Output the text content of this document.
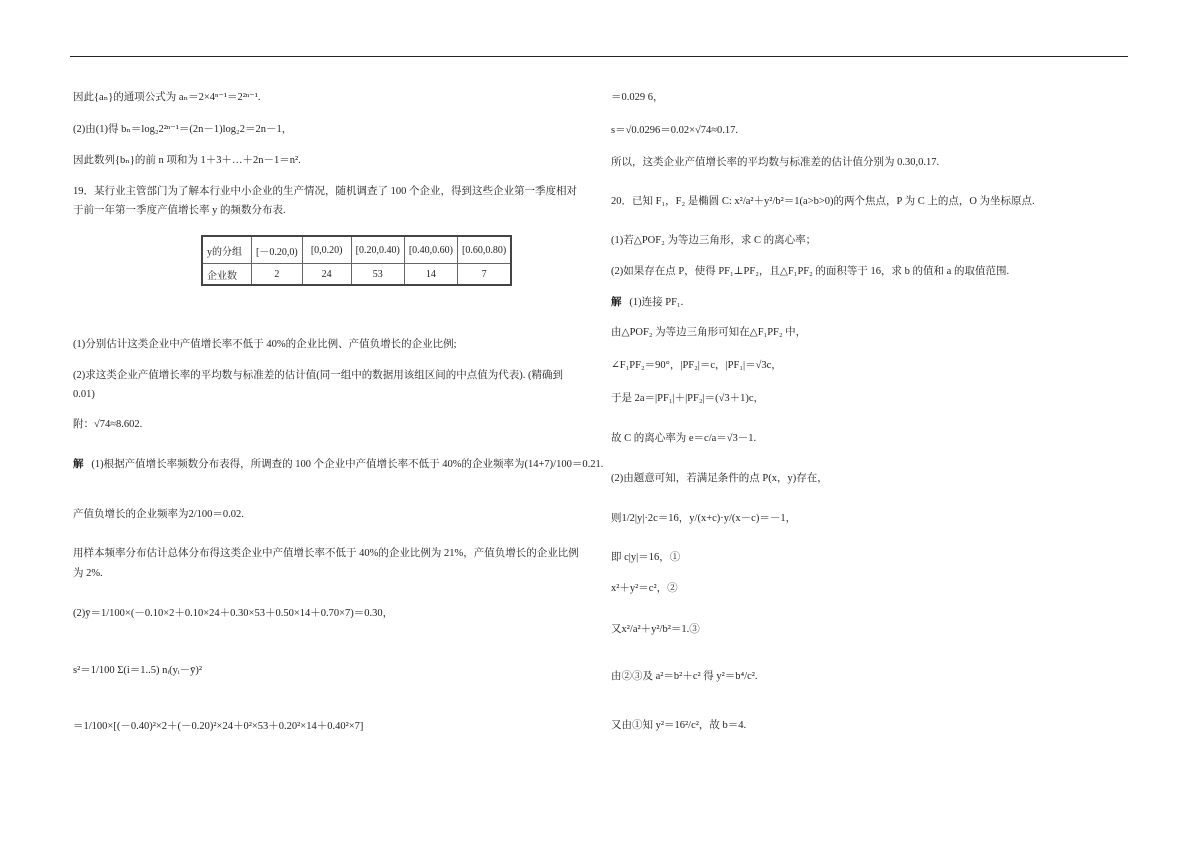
因此{aₙ}的通项公式为 aₙ＝2×4ⁿ⁻¹＝2²ⁿ⁻¹.
(2)由(1)得 bₙ＝log₂2²ⁿ⁻¹＝(2n－1)log₂2＝2n－1，
因此数列{bₙ}的前 n 项和为 1＋3＋…＋2n－1＝n².
19．某行业主管部门为了解本行业中小企业的生产情况，随机调查了 100 个企业，得到这些企业第一季度相对
于前一年第一季度产值增长率 y 的频数分布表.
y的分组	[－0.20,0)	[0,0.20)	[0.20,0.40)	[0.40,0.60)	[0.60,0.80)
企业数	2	24	53	14	7
(1)分别估计这类企业中产值增长率不低于 40%的企业比例、产值负增长的企业比例;
(2)求这类企业产值增长率的平均数与标准差的估计值(同一组中的数据用该组区间的中点值为代表). (精确到
0.01)
附：√74≈8.602.
解 (1)根据产值增长率频数分布表得，所调查的 100 个企业中产值增长率不低于 40%的企业频率为(14+7)/100＝0.21.
产值负增长的企业频率为2/100＝0.02.
用样本频率分布估计总体分布得这类企业中产值增长率不低于 40%的企业比例为 21%，产值负增长的企业比例
为 2%.
(2)ȳ＝1/100×(－0.10×2＋0.10×24＋0.30×53＋0.50×14＋0.70×7)＝0.30，
s²＝1/100 Σ(i＝1..5) nᵢ(yᵢ－ȳ)²
＝1/100×[(－0.40)²×2＋(－0.20)²×24＋0²×53＋0.20²×14＋0.40²×7]
＝0.029 6，
s＝√0.0296＝0.02×√74≈0.17.
所以，这类企业产值增长率的平均数与标准差的估计值分别为 0.30,0.17.
20．已知 F₁，F₂ 是椭圆 C: x²/a²＋y²/b²＝1(a>b>0)的两个焦点，P 为 C 上的点，O 为坐标原点.
(1)若△POF₂ 为等边三角形，求 C 的离心率；
(2)如果存在点 P，使得 PF₁⊥PF₂，且△F₁PF₂ 的面积等于 16，求 b 的值和 a 的取值范围.
解 (1)连接 PF₁.
由△POF₂ 为等边三角形可知在△F₁PF₂ 中，
∠F₁PF₂＝90°，|PF₂|＝c，|PF₁|＝√3c，
于是 2a＝|PF₁|＋|PF₂|＝(√3＋1)c，
故 C 的离心率为 e＝c/a＝√3－1.
(2)由题意可知，若满足条件的点 P(x，y)存在，
则1/2|y|·2c＝16，y/(x+c)·y/(x－c)＝－1，
即 c|y|＝16，①
x²＋y²＝c²，②
又x²/a²＋y²/b²＝1.③
由②③及 a²＝b²＋c² 得 y²＝b⁴/c².
又由①知 y²＝16²/c²，故 b＝4.
